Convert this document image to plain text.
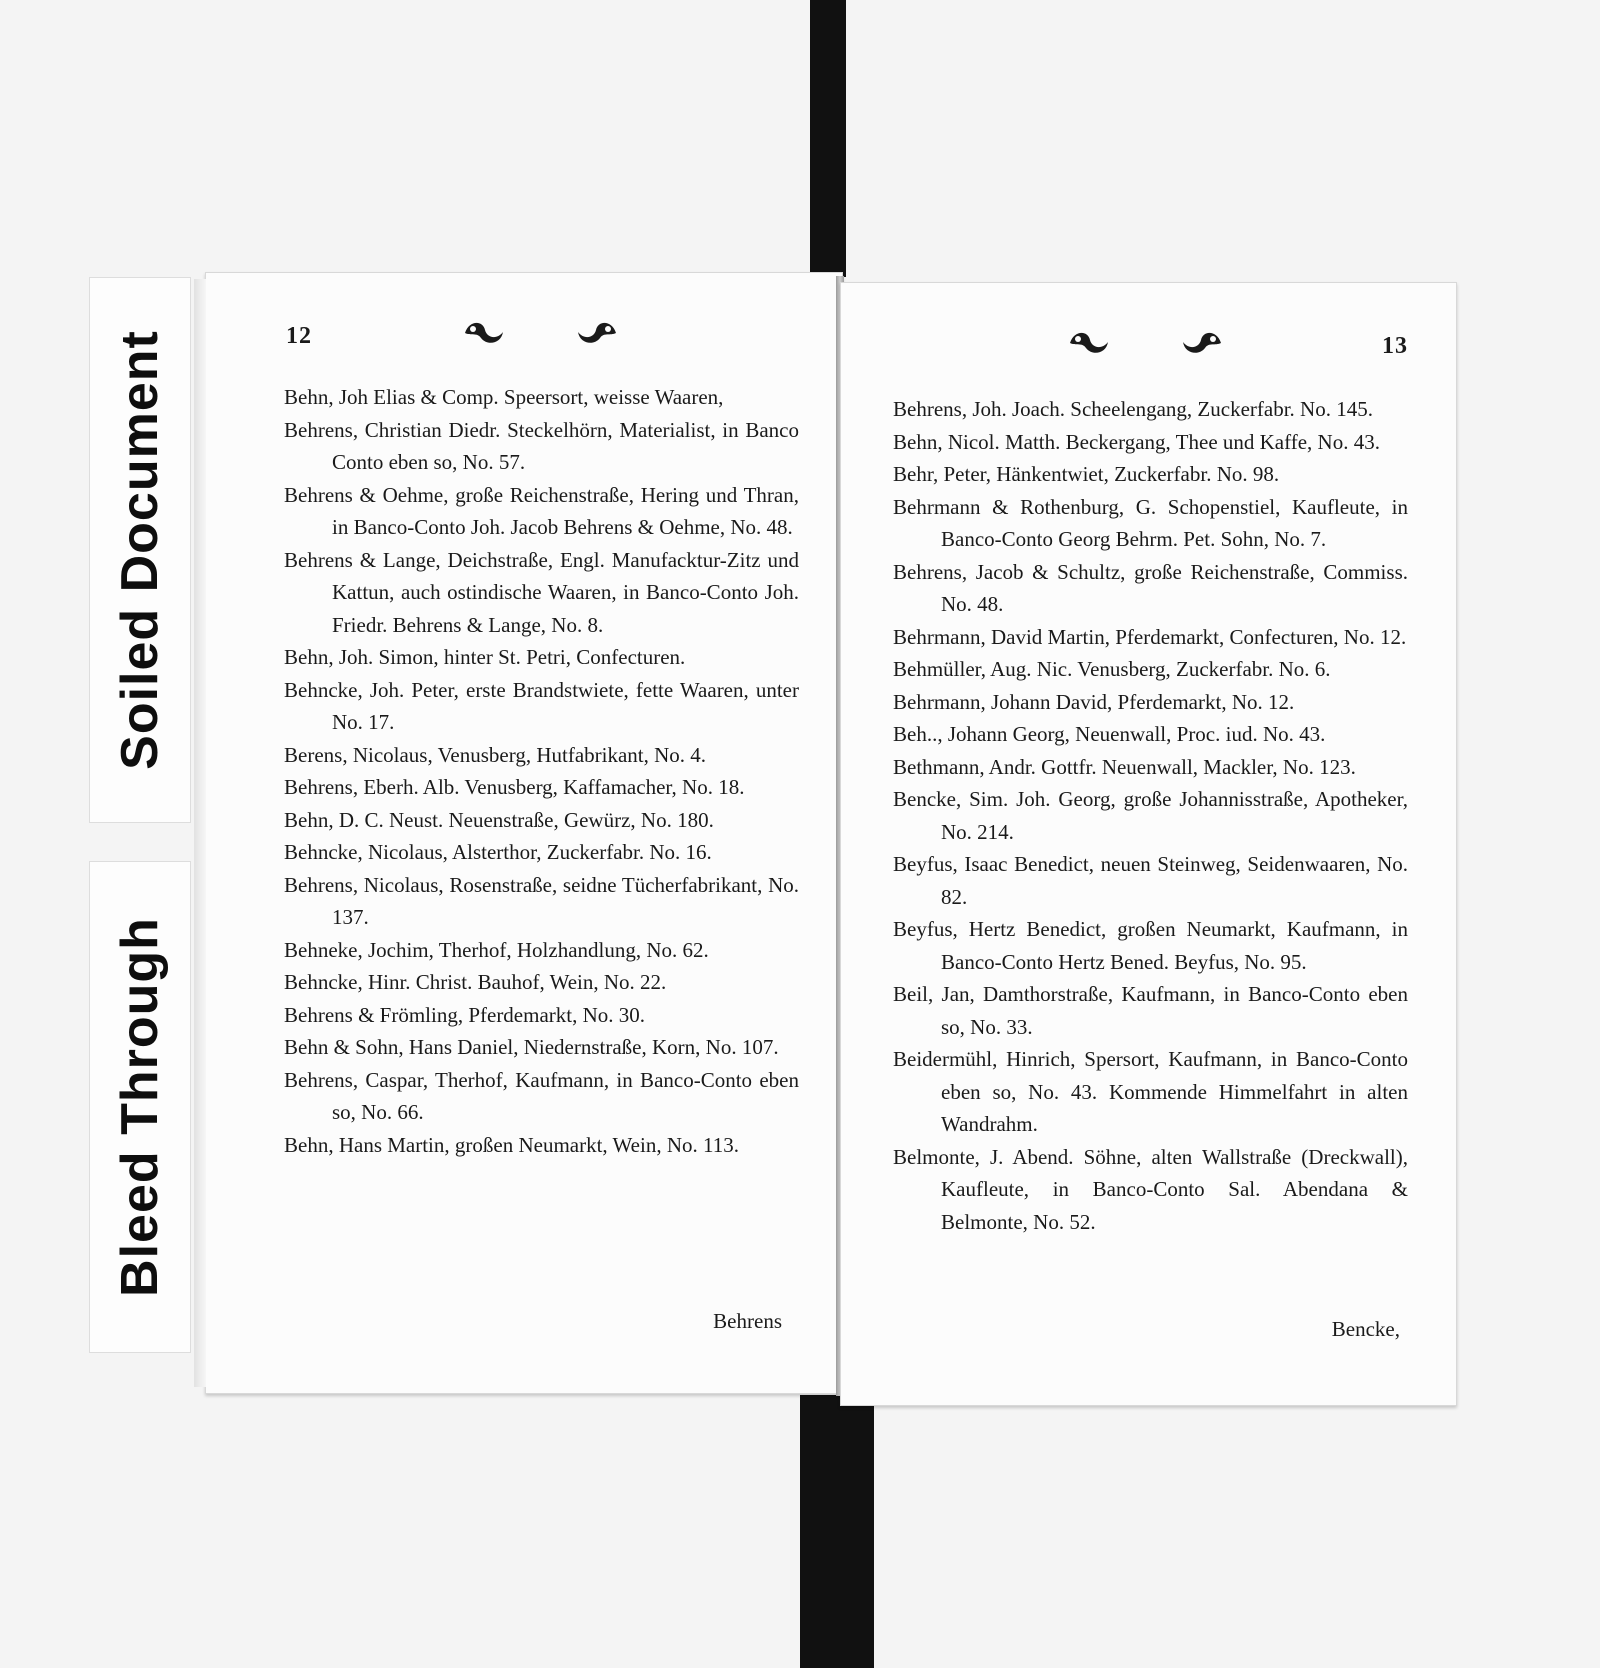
Soiled Document
Bleed Through
12
Behn, Joh Elias & Comp. Speersort, weisse Waaren,
Behrens, Christian Diedr. Steckelhörn, Materialist, in Banco Conto eben so, No. 57.
Behrens & Oehme, große Reichenstraße, Hering und Thran, in Banco-Conto Joh. Jacob Behrens & Oehme, No. 48.
Behrens & Lange, Deichstraße, Engl. Manufacktur-Zitz und Kattun, auch ostindische Waaren, in Banco-Conto Joh. Friedr. Behrens & Lange, No. 8.
Behn, Joh. Simon, hinter St. Petri, Confecturen.
Behncke, Joh. Peter, erste Brandstwiete, fette Waaren, unter No. 17.
Berens, Nicolaus, Venusberg, Hutfabrikant, No. 4.
Behrens, Eberh. Alb. Venusberg, Kaffamacher, No. 18.
Behn, D. C. Neust. Neuenstraße, Gewürz, No. 180.
Behncke, Nicolaus, Alsterthor, Zuckerfabr. No. 16.
Behrens, Nicolaus, Rosenstraße, seidne Tücherfabrikant, No. 137.
Behneke, Jochim, Therhof, Holzhandlung, No. 62.
Behncke, Hinr. Christ. Bauhof, Wein, No. 22.
Behrens & Frömling, Pferdemarkt, No. 30.
Behn & Sohn, Hans Daniel, Niedernstraße, Korn, No. 107.
Behrens, Caspar, Therhof, Kaufmann, in Banco-Conto eben so, No. 66.
Behn, Hans Martin, großen Neumarkt, Wein, No. 113.
Behrens
13
Behrens, Joh. Joach. Scheelengang, Zuckerfabr. No. 145.
Behn, Nicol. Matth. Beckergang, Thee und Kaffe, No. 43.
Behr, Peter, Hänkentwiet, Zuckerfabr. No. 98.
Behrmann & Rothenburg, G. Schopenstiel, Kaufleute, in Banco-Conto Georg Behrm. Pet. Sohn, No. 7.
Behrens, Jacob & Schultz, große Reichenstraße, Commiss. No. 48.
Behrmann, David Martin, Pferdemarkt, Confecturen, No. 12.
Behmüller, Aug. Nic. Venusberg, Zuckerfabr. No. 6.
Behrmann, Johann David, Pferdemarkt, No. 12.
Beh.., Johann Georg, Neuenwall, Proc. iud. No. 43.
Bethmann, Andr. Gottfr. Neuenwall, Mackler, No. 123.
Bencke, Sim. Joh. Georg, große Johannisstraße, Apotheker, No. 214.
Beyfus, Isaac Benedict, neuen Steinweg, Seidenwaaren, No. 82.
Beyfus, Hertz Benedict, großen Neumarkt, Kaufmann, in Banco-Conto Hertz Bened. Beyfus, No. 95.
Beil, Jan, Damthorstraße, Kaufmann, in Banco-Conto eben so, No. 33.
Beidermühl, Hinrich, Spersort, Kaufmann, in Banco-Conto eben so, No. 43. Kommende Himmelfahrt in alten Wandrahm.
Belmonte, J. Abend. Söhne, alten Wallstraße (Dreckwall), Kaufleute, in Banco-Conto Sal. Abendana & Belmonte, No. 52.
Bencke,
